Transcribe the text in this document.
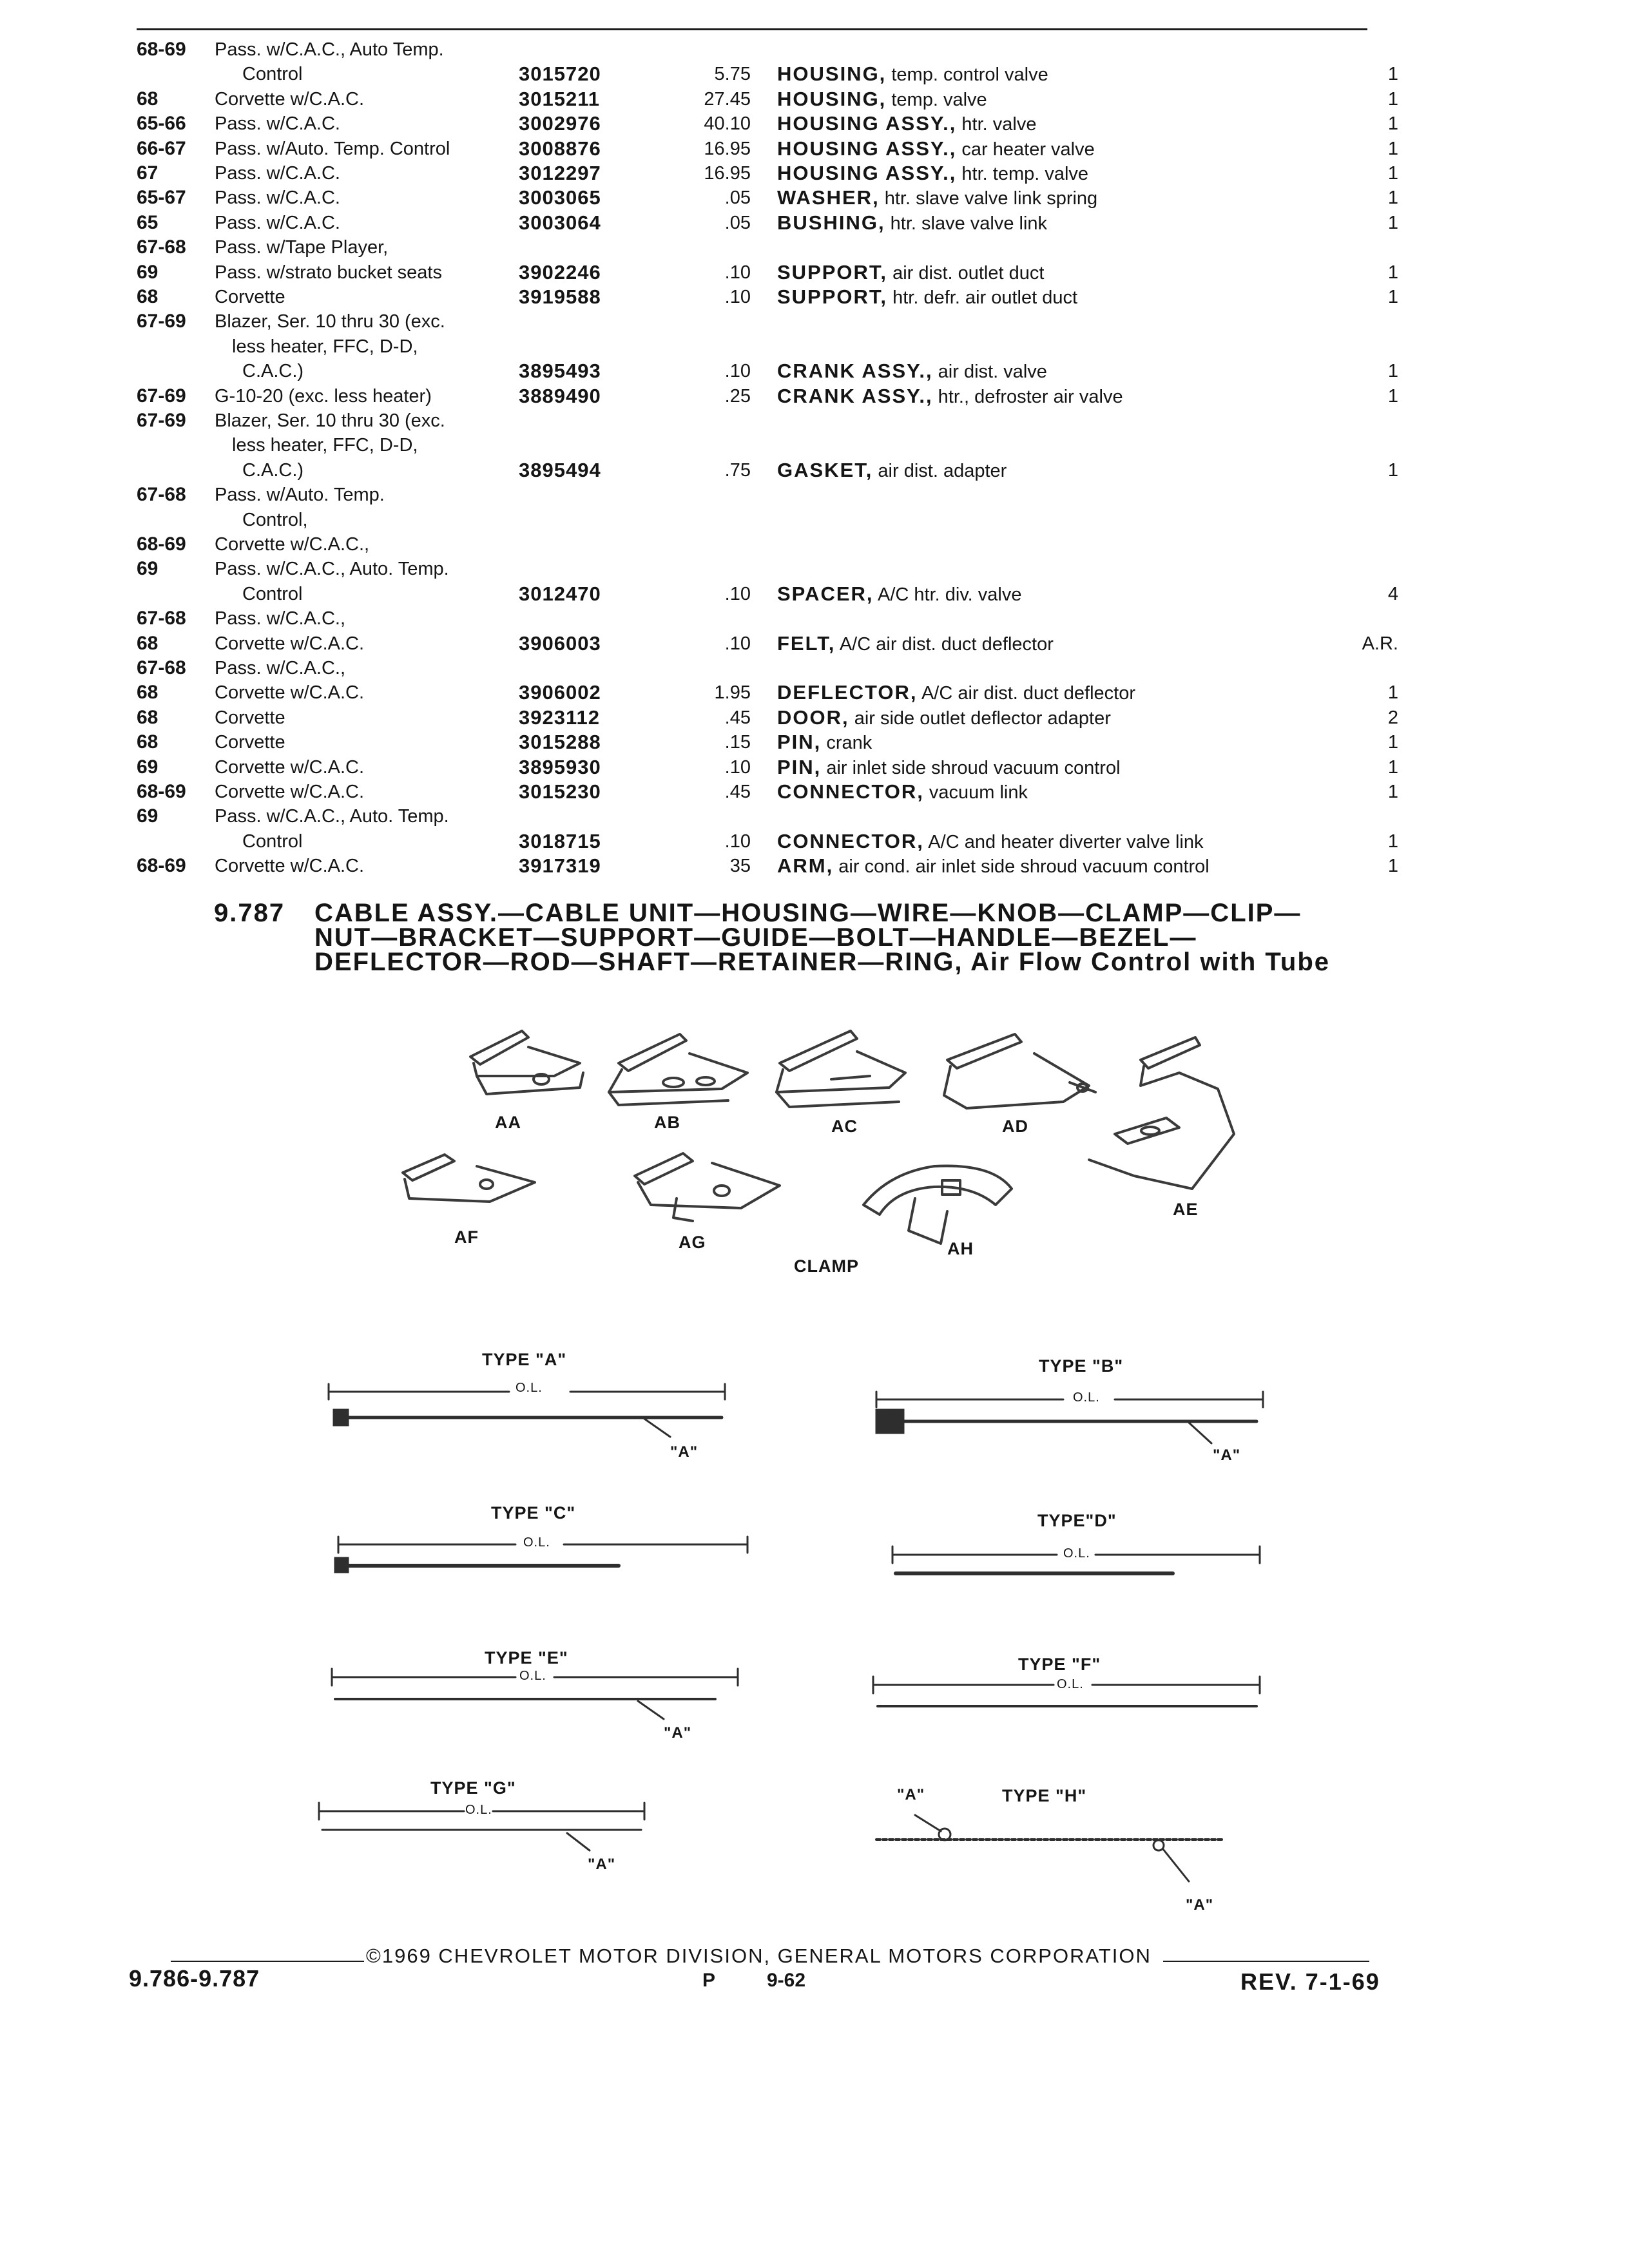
68-69 Pass. w/C.A.C., Auto Temp.
Control	3015720	5.75 HOUSING, temp. control valve	1
68	Corvette w/C.A.C.	3015211	27.45 HOUSING, temp. valve	1
65-66 Pass. w/C.A.C.	3002976	40.10 HOUSING ASSY., htr. valve	1
66-67 Pass. w/Auto. Temp. Control	3008876	16.95 HOUSING ASSY., car heater valve	1
67	Pass. w/C.A.C.	3012297	16.95 HOUSING ASSY., htr. temp. valve	1
65-67 Pass. w/C.A.C.	3003065	.05 WASHER, htr. slave valve link spring	1
65	Pass. w/C.A.C.	3003064	.05 BUSHING, htr. slave valve link	1
67-68 Pass. w/Tape Player,
69	Pass. w/strato bucket seats	3902246	.10 SUPPORT, air dist. outlet duct	1
68	Corvette	3919588	.10 SUPPORT, htr. defr. air outlet duct	1
67-69 Blazer, Ser. 10 thru 30 (exc.
less heater, FFC, D-D,
C.A.C.)	3895493	.10 CRANK ASSY., air dist. valve	1
67-69 G-10-20 (exc. less heater)	3889490	.25 CRANK ASSY., htr., defroster air valve	1
67-69 Blazer, Ser. 10 thru 30 (exc.
less heater, FFC, D-D,
C.A.C.)	3895494	.75 GASKET, air dist. adapter	1
67-68 Pass. w/Auto. Temp.
Control,
68-69 Corvette w/C.A.C.,
69	Pass. w/C.A.C., Auto. Temp.
Control	3012470	.10 SPACER, A/C htr. div. valve	4
67-68 Pass. w/C.A.C.,
68	Corvette w/C.A.C.	3906003	.10 FELT, A/C air dist. duct deflector	A.R.
67-68 Pass. w/C.A.C.,
68	Corvette w/C.A.C.	3906002	1.95 DEFLECTOR, A/C air dist. duct deflector	1
68	Corvette	3923112	.45 DOOR, air side outlet deflector adapter	2
68	Corvette	3015288	.15 PIN, crank	1
69	Corvette w/C.A.C.	3895930	.10 PIN, air inlet side shroud vacuum control	1
68-69 Corvette w/C.A.C.	3015230	.45 CONNECTOR, vacuum link	1
69	Pass. w/C.A.C., Auto. Temp.
Control	3018715	.10 CONNECTOR, A/C and heater diverter valve link	1
68-69 Corvette w/C.A.C.	3917319	35 ARM, air cond. air inlet side shroud vacuum control	1
9.787 CABLE ASSY.—CABLE UNIT—HOUSING—WIRE—KNOB—CLAMP—CLIP—
NUT—BRACKET—SUPPORT—GUIDE—BOLT—HANDLE—BEZEL—
DEFLECTOR—ROD—SHAFT—RETAINER—RING, Air Flow Control with Tube
AA	AB	AC	AD
AE
AF	AG	AH
CLAMP
TYPE "A"
O.L.
"A"
TYPE "B"
O.L.
"A"
TYPE "C"
O.L.
TYPE"D"
O.L.
TYPE "E"
O.L.
"A"
TYPE "F"
O.L.
TYPE "G"
O.L.
"A"
TYPE "H"
"A"
"A"
©1969 CHEVROLET MOTOR DIVISION, GENERAL MOTORS CORPORATION
9.786-9.787	P	9-62	REV. 7-1-69
